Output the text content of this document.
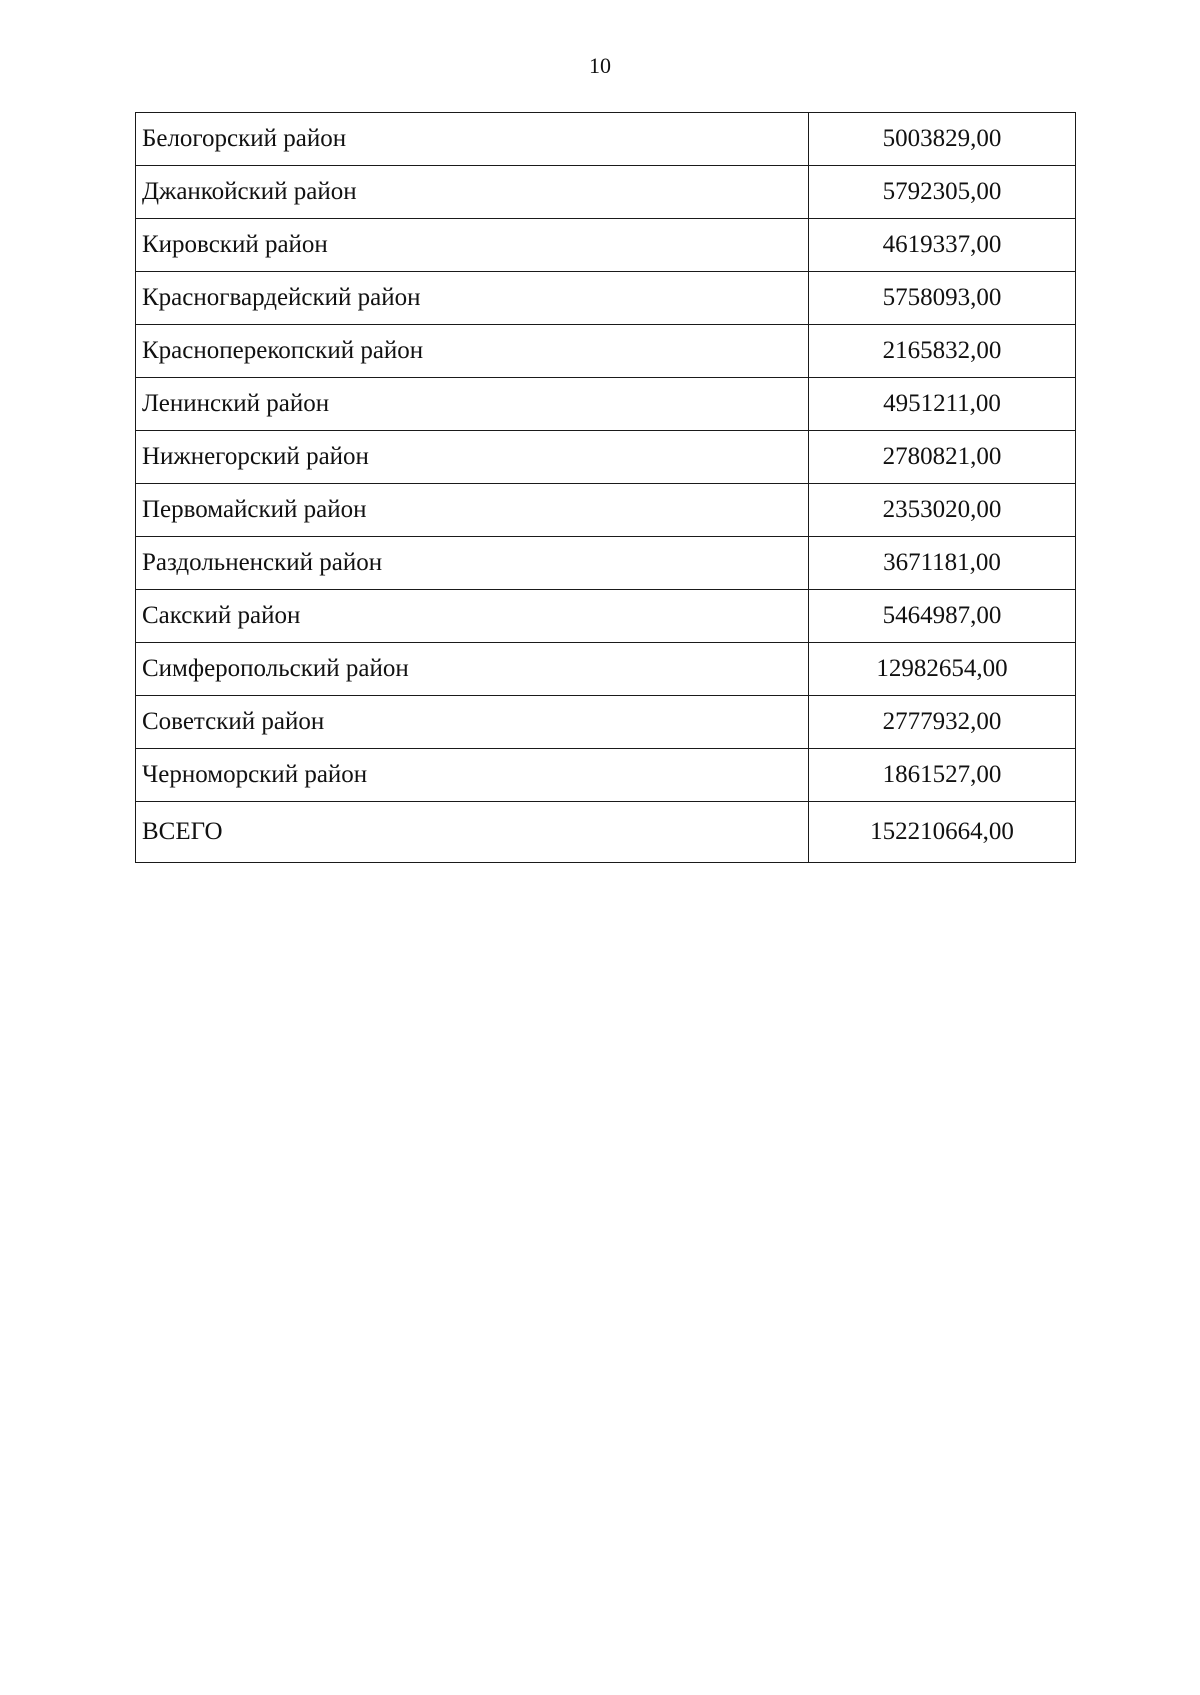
10
Белогорский район	5003829,00
Джанкойский район	5792305,00
Кировский район	4619337,00
Красногвардейский район	5758093,00
Красноперекопский район	2165832,00
Ленинский район	4951211,00
Нижнегорский район	2780821,00
Первомайский район	2353020,00
Раздольненский район	3671181,00
Сакский район	5464987,00
Симферопольский район	12982654,00
Советский район	2777932,00
Черноморский район	1861527,00
ВСЕГО	152210664,00
